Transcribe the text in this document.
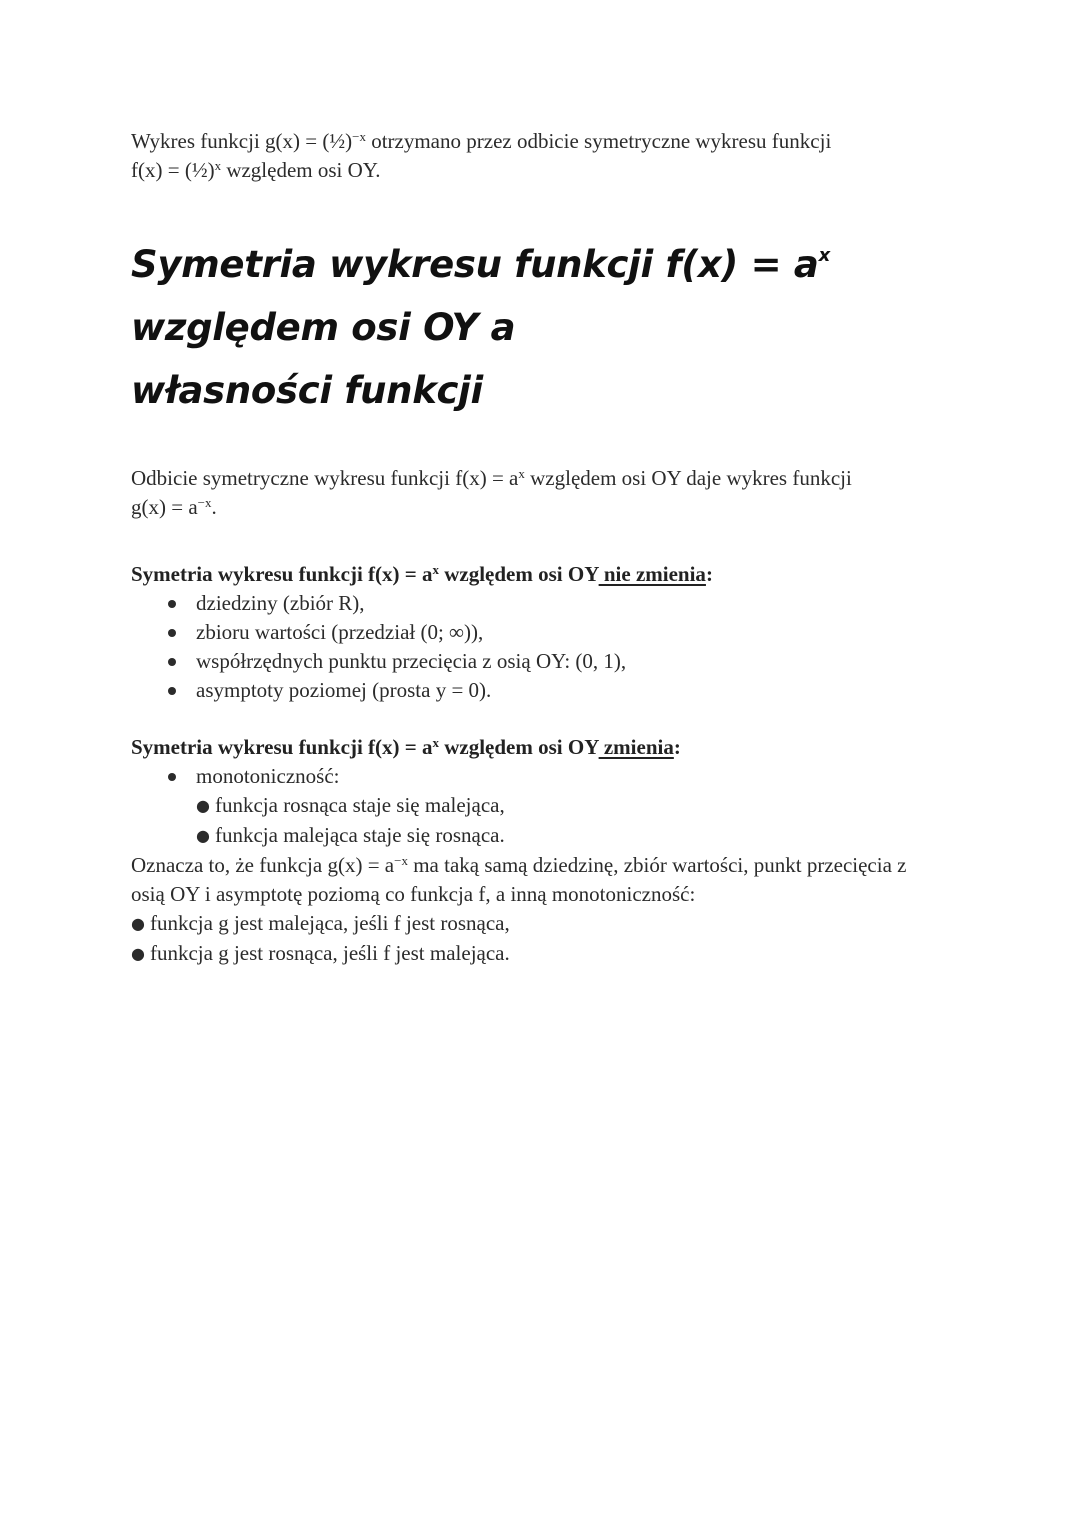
Wykres funkcji g(x) = (½)$^{-x}$ otrzymano przez odbicie symetryczne wykresu funkcji
f(x) = (½)$^x$ względem osi OY.

Symetria wykresu funkcji $f(x) = a^x$ względem osi OY a
własności funkcji

Odbicie symetryczne wykresu funkcji $f(x) = a^x$ względem osi OY daje wykres funkcji
$g(x) = a^{-x}$.

Symetria wykresu funkcji $f(x) = a^x$ względem osi OY nie zmienia:

dziedziny (zbiór R),
zbioru wartości (przedział (0; ∞)),
współrzędnych punktu przecięcia z osią OY: (0, 1),
asymptoty poziomej (prosta y = 0).

Symetria wykresu funkcji $f(x) = a^x$ względem osi OY zmienia:

monotoniczność:
● funkcja rosnąca staje się malejąca,
● funkcja malejąca staje się rosnąca.

Oznacza to, że funkcja $g(x) = a^{-x}$ ma taką samą dziedzinę, zbiór wartości, punkt przecięcia z
osią OY i asymptotę poziomą co funkcja f, a inną monotoniczność:

● funkcja g jest malejąca, jeśli f jest rosnąca,
● funkcja g jest rosnąca, jeśli f jest malejąca.
